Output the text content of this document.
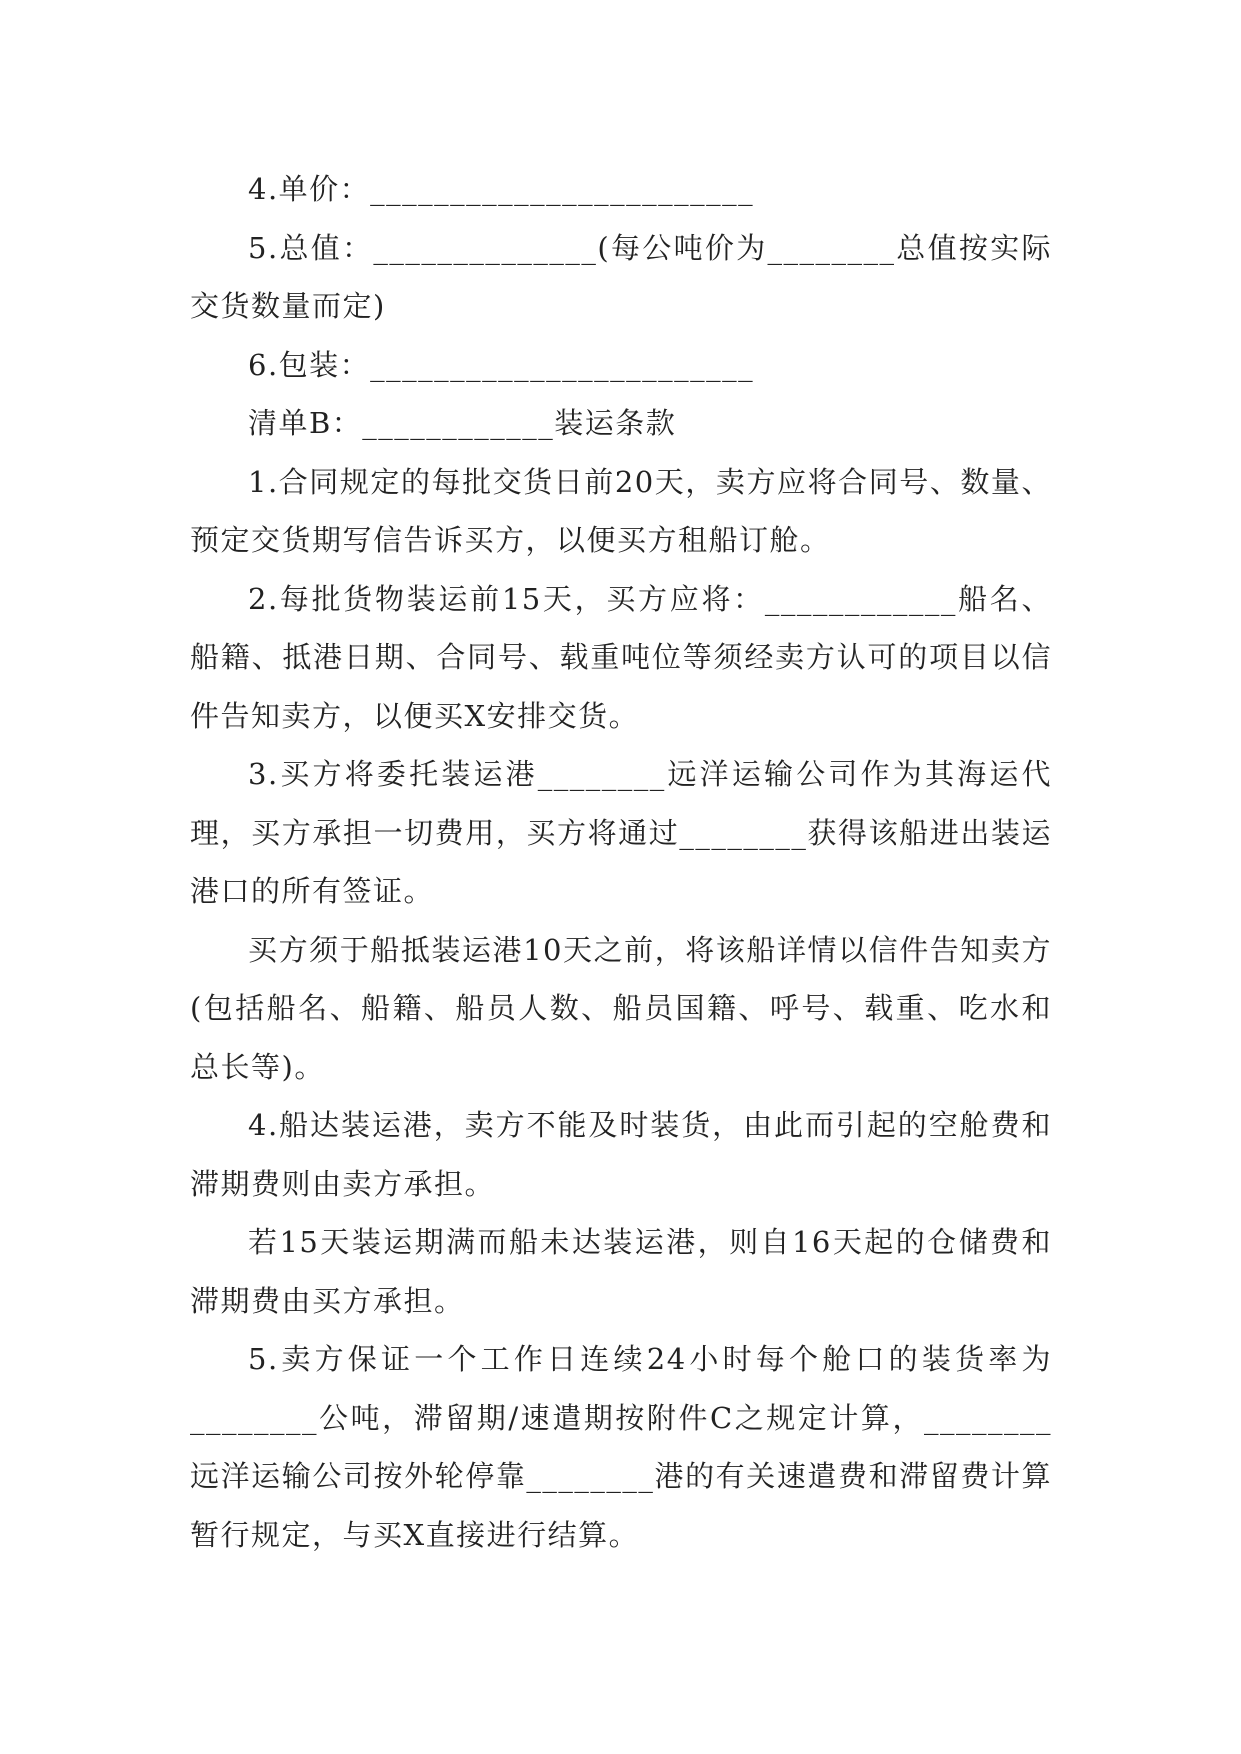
4.单价：________________________

5.总值：______________(每公吨价为________总值按实际交货数量而定)

6.包装：________________________

清单B：____________装运条款

1.合同规定的每批交货日前20天，卖方应将合同号、数量、预定交货期写信告诉买方，以便买方租船订舱。

2.每批货物装运前15天，买方应将：____________船名、船籍、抵港日期、合同号、载重吨位等须经卖方认可的项目以信件告知卖方，以便买X安排交货。

3.买方将委托装运港________远洋运输公司作为其海运代理，买方承担一切费用，买方将通过________获得该船进出装运港口的所有签证。

买方须于船抵装运港10天之前，将该船详情以信件告知卖方(包括船名、船籍、船员人数、船员国籍、呼号、载重、吃水和总长等)。

4.船达装运港，卖方不能及时装货，由此而引起的空舱费和滞期费则由卖方承担。

若15天装运期满而船未达装运港，则自16天起的仓储费和滞期费由买方承担。

5.卖方保证一个工作日连续24小时每个舱口的装货率为________公吨，滞留期/速遣期按附件C之规定计算，________远洋运输公司按外轮停靠________港的有关速遣费和滞留费计算暂行规定，与买X直接进行结算。
